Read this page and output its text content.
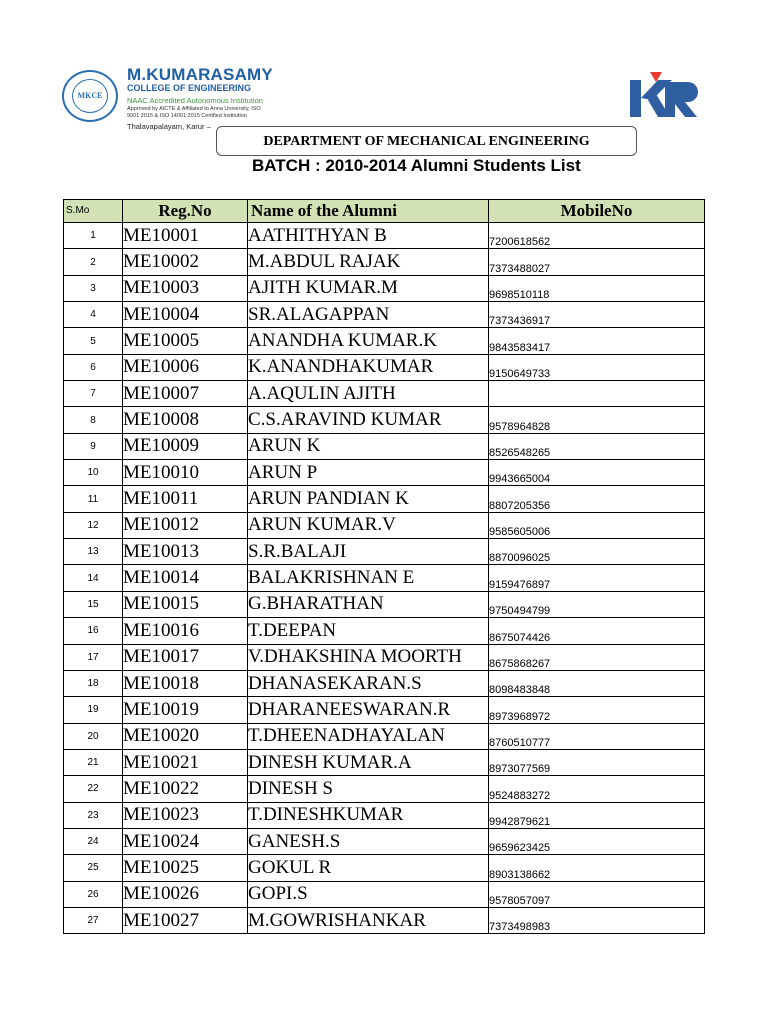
MKCE
M.KUMARASAMY
COLLEGE OF ENGINEERING
NAAC Accredited Autonomous Institution
Approved by AICTE & Affiliated to Anna University, ISO 9001:2015 & ISO 14001:2015 Certified Institution
Thalavapalayam, Karur –
DEPARTMENT OF MECHANICAL ENGINEERING
BATCH : 2010-2014 Alumni Students List
S.Mo	Reg.No	Name of the Alumni	MobileNo
1	ME10001	AATHITHYAN B	7200618562
2	ME10002	M.ABDUL RAJAK	7373488027
3	ME10003	AJITH KUMAR.M	9698510118
4	ME10004	SR.ALAGAPPAN	7373436917
5	ME10005	ANANDHA KUMAR.K	9843583417
6	ME10006	K.ANANDHAKUMAR	9150649733
7	ME10007	A.AQULIN AJITH	
8	ME10008	C.S.ARAVIND KUMAR	9578964828
9	ME10009	ARUN K	8526548265
10	ME10010	ARUN P	9943665004
11	ME10011	ARUN PANDIAN K	8807205356
12	ME10012	ARUN KUMAR.V	9585605006
13	ME10013	S.R.BALAJI	8870096025
14	ME10014	BALAKRISHNAN E	9159476897
15	ME10015	G.BHARATHAN	9750494799
16	ME10016	T.DEEPAN	8675074426
17	ME10017	V.DHAKSHINA MOORTH	8675868267
18	ME10018	DHANASEKARAN.S	8098483848
19	ME10019	DHARANEESWARAN.R	8973968972
20	ME10020	T.DHEENADHAYALAN	8760510777
21	ME10021	DINESH KUMAR.A	8973077569
22	ME10022	DINESH S	9524883272
23	ME10023	T.DINESHKUMAR	9942879621
24	ME10024	GANESH.S	9659623425
25	ME10025	GOKUL R	8903138662
26	ME10026	GOPI.S	9578057097
27	ME10027	M.GOWRISHANKAR	7373498983
